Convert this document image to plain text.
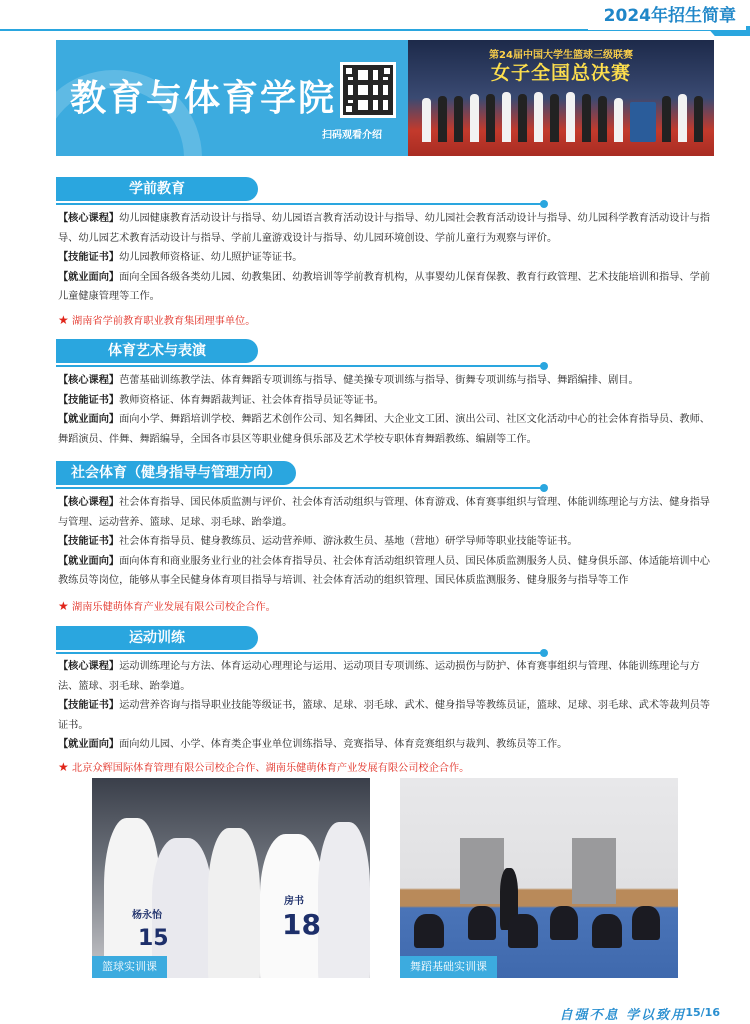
2024年招生简章
教育与体育学院
扫码观看介绍
第24届中国大学生篮球三级联赛
女子全国总决赛
学前教育
【核心课程】幼儿园健康教育活动设计与指导、幼儿园语言教育活动设计与指导、幼儿园社会教育活动设计与指导、幼儿园科学教育活动设计与指导、幼儿园艺术教育活动设计与指导、学前儿童游戏设计与指导、幼儿园环境创设、学前儿童行为观察与评价。
【技能证书】幼儿园教师资格证、幼儿照护证等证书。
【就业面向】面向全国各级各类幼儿园、幼教集团、幼教培训等学前教育机构，从事婴幼儿保育保教、教育行政管理、艺术技能培训和指导、学前儿童健康管理等工作。
★ 湖南省学前教育职业教育集团理事单位。
体育艺术与表演
【核心课程】芭蕾基础训练教学法、体育舞蹈专项训练与指导、健美操专项训练与指导、街舞专项训练与指导、舞蹈编排、剧目。
【技能证书】教师资格证、体育舞蹈裁判证、社会体育指导员证等证书。
【就业面向】面向小学、舞蹈培训学校、舞蹈艺术创作公司、知名舞团、大企业文工团、演出公司、社区文化活动中心的社会体育指导员、教师、舞蹈演员、伴舞、舞蹈编导，全国各市县区等职业健身俱乐部及艺术学校专职体育舞蹈教练、编剧等工作。
社会体育（健身指导与管理方向）
【核心课程】社会体育指导、国民体质监测与评价、社会体育活动组织与管理、体育游戏、体育赛事组织与管理、体能训练理论与方法、健身指导与管理、运动营养、篮球、足球、羽毛球、跆拳道。
【技能证书】社会体育指导员、健身教练员、运动营养师、游泳救生员、基地（营地）研学导师等职业技能等证书。
【就业面向】面向体育和商业服务业行业的社会体育指导员、社会体育活动组织管理人员、国民体质监测服务人员、健身俱乐部、体适能培训中心教练员等岗位，能够从事全民健身体育项目指导与培训、社会体育活动的组织管理、国民体质监测服务、健身服务与指导等工作
★ 湖南乐健萌体育产业发展有限公司校企合作。
运动训练
【核心课程】运动训练理论与方法、体育运动心理理论与运用、运动项目专项训练、运动损伤与防护、体育赛事组织与管理、体能训练理论与方法、篮球、羽毛球、跆拳道。
【技能证书】运动营养咨询与指导职业技能等级证书，篮球、足球、羽毛球、武术、健身指导等教练员证，篮球、足球、羽毛球、武术等裁判员等证书。
【就业面向】面向幼儿园、小学、体育类企事业单位训练指导、竞赛指导、体育竞赛组织与裁判、教练员等工作。
★ 北京众辉国际体育管理有限公司校企合作、湖南乐健萌体育产业发展有限公司校企合作。
15
杨永怡	18
房书
篮球实训课	舞蹈基础实训课
自强不息 学以致用 15/16
